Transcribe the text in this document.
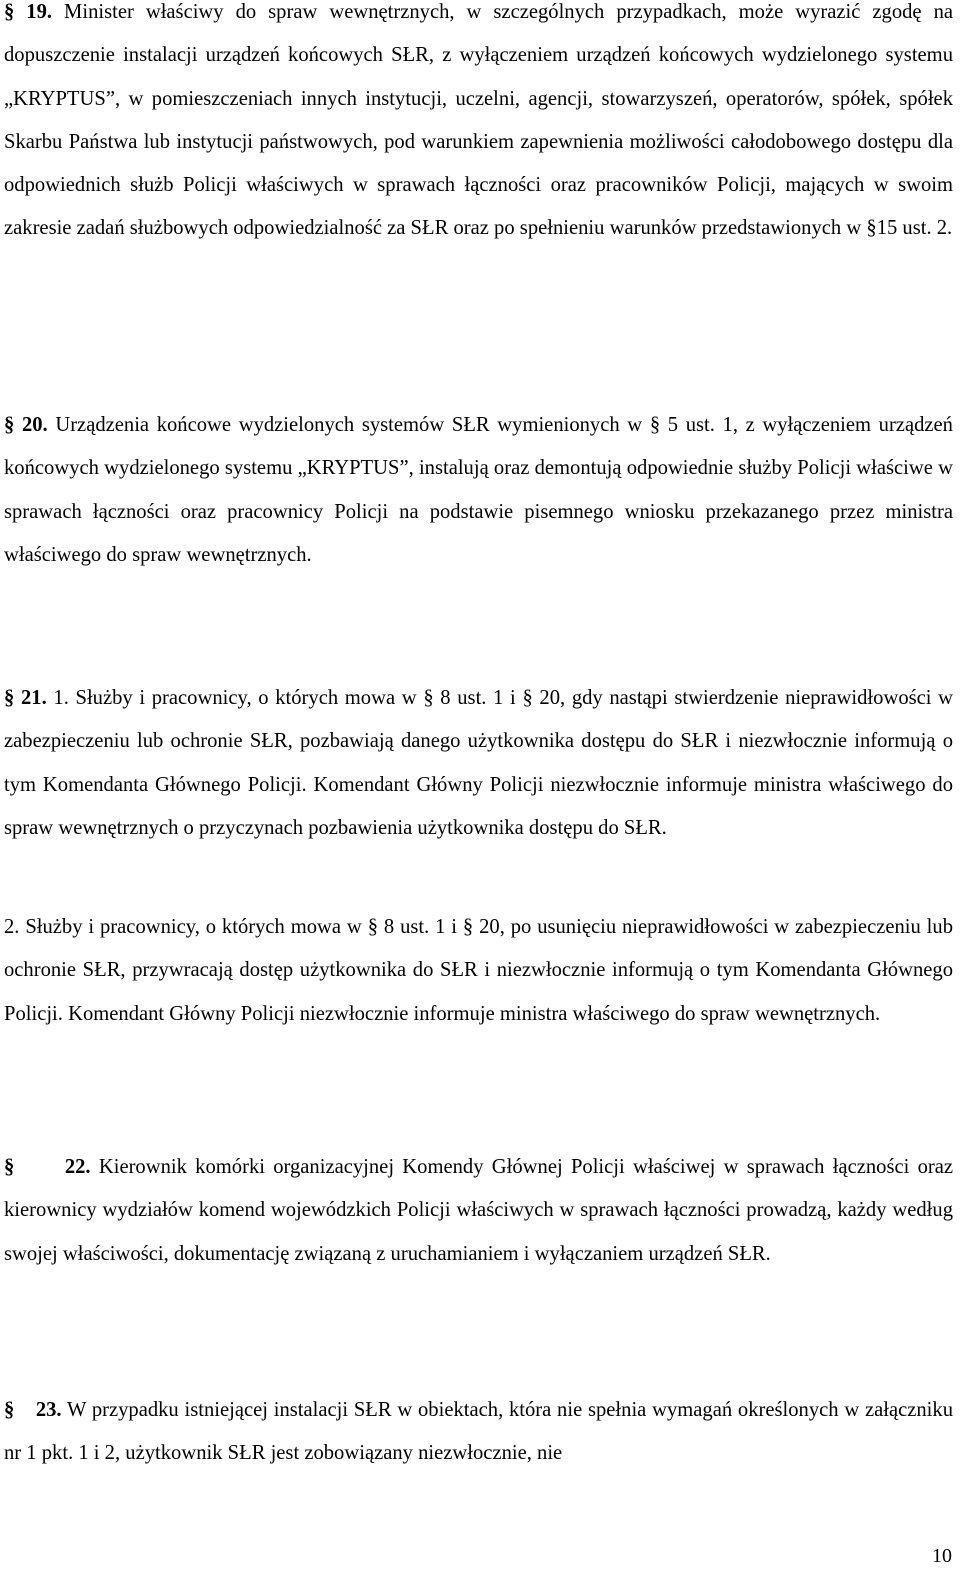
§ 19. Minister właściwy do spraw wewnętrznych, w szczególnych przypadkach, może wyrazić zgodę na dopuszczenie instalacji urządzeń końcowych SŁR, z wyłączeniem urządzeń końcowych wydzielonego systemu „KRYPTUS”, w pomieszczeniach innych instytucji, uczelni, agencji, stowarzyszeń, operatorów, spółek, spółek Skarbu Państwa lub instytucji państwowych, pod warunkiem zapewnienia możliwości całodobowego dostępu dla odpowiednich służb Policji właściwych w sprawach łączności oraz pracowników Policji, mających w swoim zakresie zadań służbowych odpowiedzialność za SŁR oraz po spełnieniu warunków przedstawionych w §15 ust. 2.

§ 20. Urządzenia końcowe wydzielonych systemów SŁR wymienionych w § 5 ust. 1, z wyłączeniem urządzeń końcowych wydzielonego systemu „KRYPTUS”, instalują oraz demontują odpowiednie służby Policji właściwe w sprawach łączności oraz pracownicy Policji na podstawie pisemnego wniosku przekazanego przez ministra właściwego do spraw wewnętrznych.

§ 21. 1. Służby i pracownicy, o których mowa w § 8 ust. 1 i § 20, gdy nastąpi stwierdzenie nieprawidłowości w zabezpieczeniu lub ochronie SŁR, pozbawiają danego użytkownika dostępu do SŁR i niezwłocznie informują o tym Komendanta Głównego Policji. Komendant Główny Policji niezwłocznie informuje ministra właściwego do spraw wewnętrznych o przyczynach pozbawienia użytkownika dostępu do SŁR.

2. Służby i pracownicy, o których mowa w § 8 ust. 1 i § 20, po usunięciu nieprawidłowości w zabezpieczeniu lub ochronie SŁR, przywracają dostęp użytkownika do SŁR i niezwłocznie informują o tym Komendanta Głównego Policji. Komendant Główny Policji niezwłocznie informuje ministra właściwego do spraw wewnętrznych.

§ 22. Kierownik komórki organizacyjnej Komendy Głównej Policji właściwej w sprawach łączności oraz kierownicy wydziałów komend wojewódzkich Policji właściwych w sprawach łączności prowadzą, każdy według swojej właściwości, dokumentację związaną z uruchamianiem i wyłączaniem urządzeń SŁR.

§ 23. W przypadku istniejącej instalacji SŁR w obiektach, która nie spełnia wymagań określonych w załączniku nr 1 pkt. 1 i 2, użytkownik SŁR jest zobowiązany niezwłocznie, nie

10
